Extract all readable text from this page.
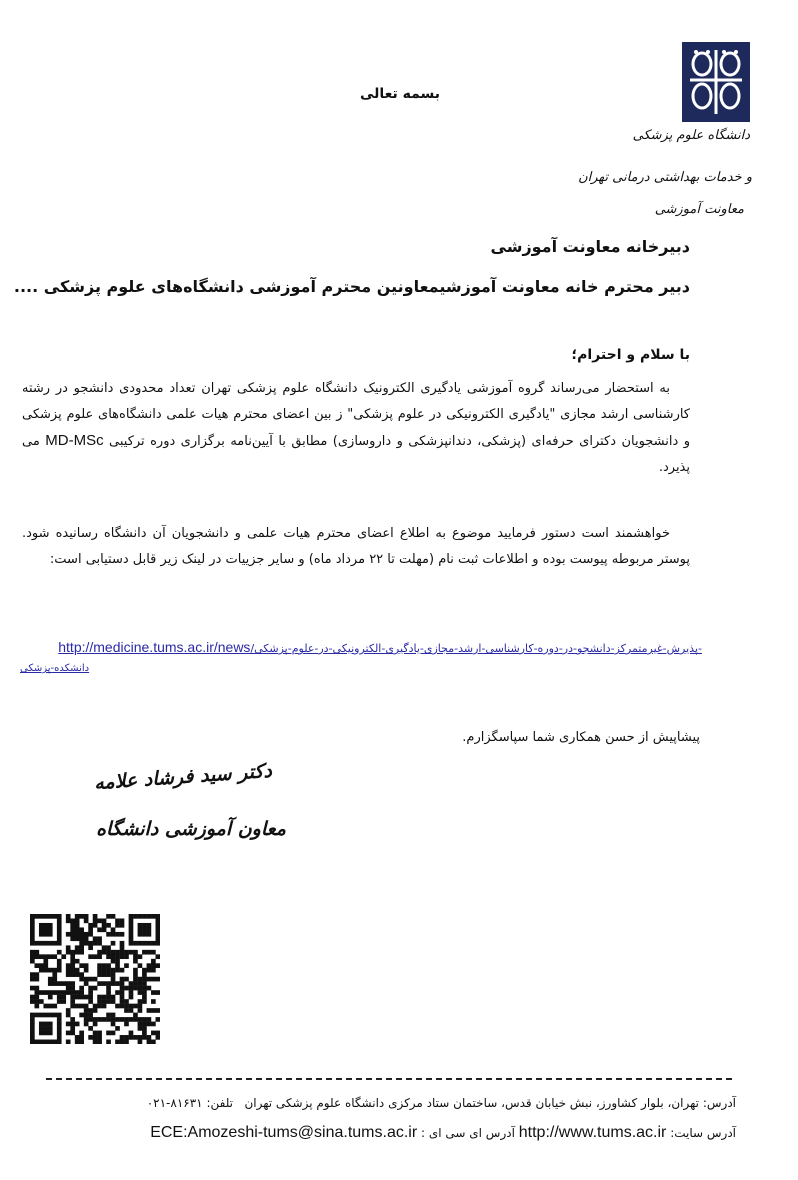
دانشگاه علوم پزشکی
و خدمات بهداشتی درمانی تهران
معاونت آموزشی
بسمه تعالی
دبیرخانه معاونت آموزشی
دبیر محترم خانه معاونت آموزشیمعاونین محترم آموزشی دانشگاه‌های علوم پزشکی ....
با سلام و احترام؛
به استحضار می‌رساند گروه آموزشی یادگیری الکترونیک دانشگاه علوم پزشکی تهران تعداد محدودی دانشجو در رشته کارشناسی ارشد مجازی "یادگیری الکترونیکی در علوم پزشکی" ز بین اعضای محترم هیات علمی دانشگاه‌های علوم پزشکی و دانشجویان دکترای حرفه‌ای (پزشکی، دندانپزشکی و داروسازی) مطابق با آیین‌نامه برگزاری دوره ترکیبی MD-MSc می پذیرد.
خواهشمند است دستور فرمایید موضوع به اطلاع اعضای محترم هیات علمی و دانشجویان آن دانشگاه رسانیده شود. پوستر مربوطه پیوست بوده و اطلاعات ثبت نام (مهلت تا ۲۲ مرداد ماه) و سایر جزییات در لینک زیر قابل دستیابی است:
-پذیرش-غیرمتمرکز-دانشجو-در-دوره-کارشناسی-ارشد-مجازی-یادگیری-الکترونیکی-در-علوم-پزشکی/http://medicine.tums.ac.ir/news
دانشکده-پزشکی
پیشاپیش از حسن همکاری شما سپاسگزارم.
دکتر سید فرشاد علامه
معاون آموزشی دانشگاه
آدرس: تهران، بلوار کشاورز، نبش خیابان قدس، ساختمان ستاد مرکزی دانشگاه علوم پزشکی تهران   تلفن: ۸۱۶۳۱-۰۲۱
آدرس سایت: http://www.tums.ac.ir آدرس ای سی ای : ECE:Amozeshi-tums@sina.tums.ac.ir
